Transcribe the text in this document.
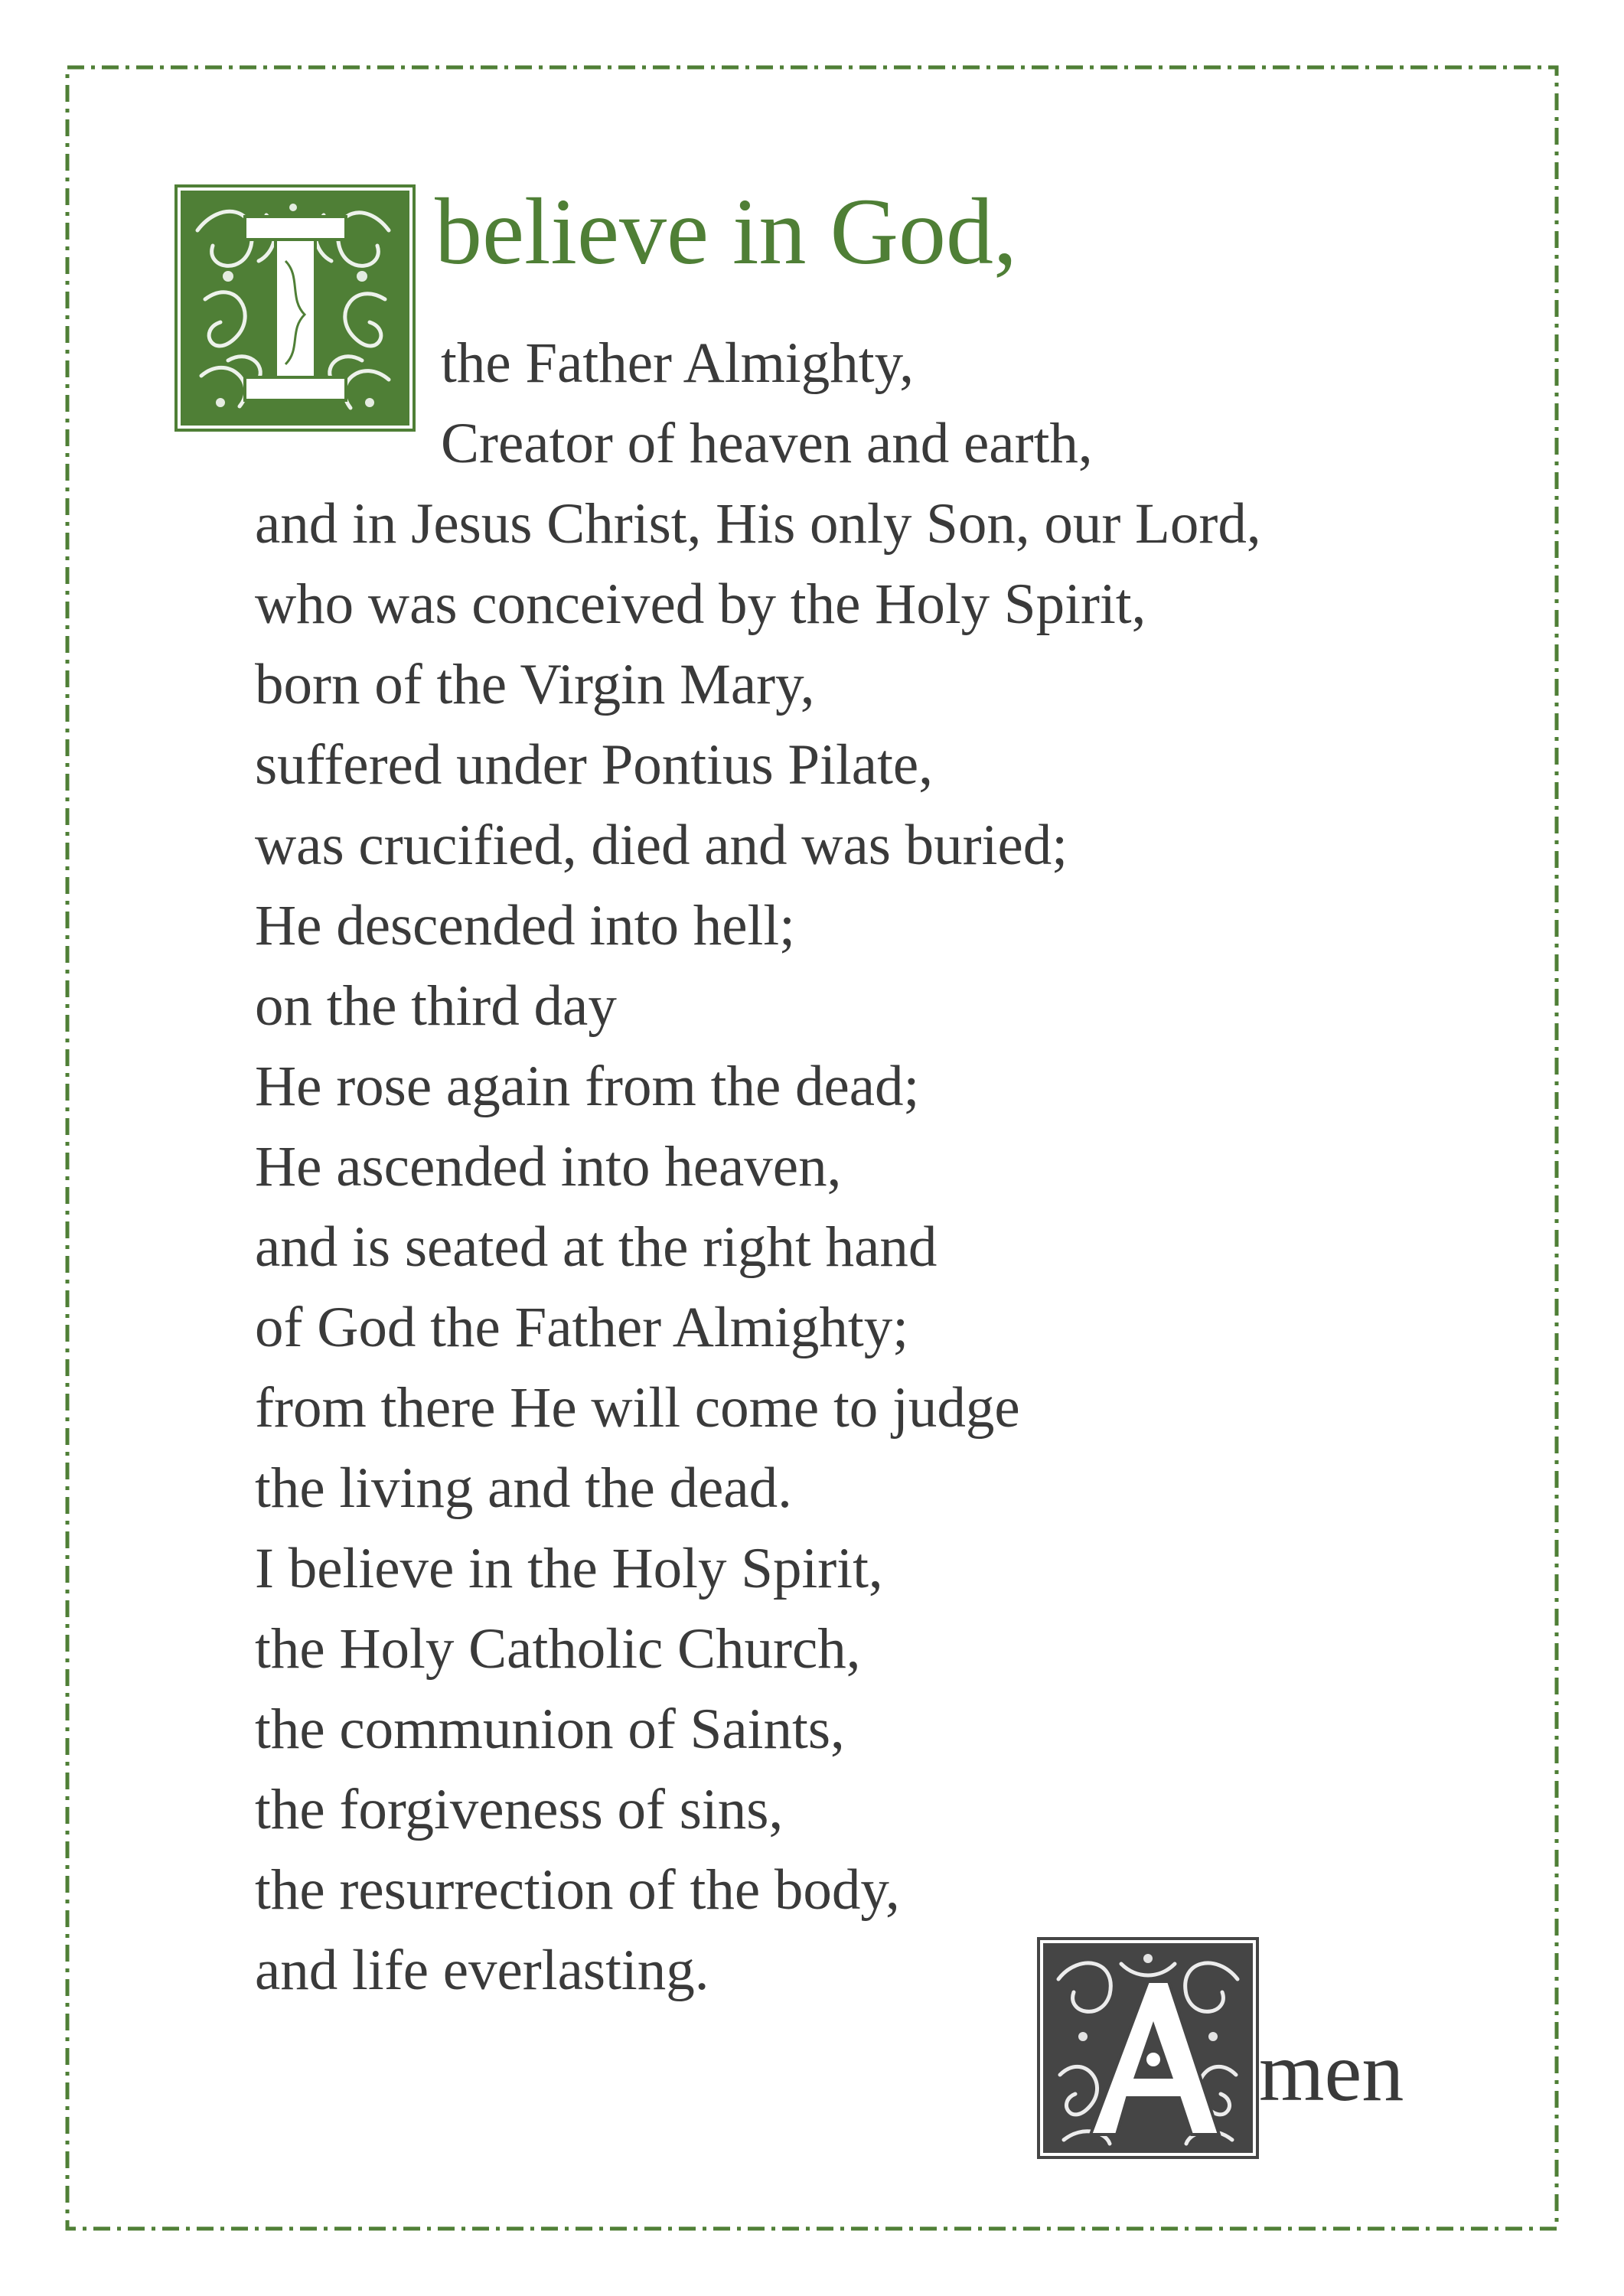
believe in God,
the Father Almighty,
Creator of heaven and earth,
and in Jesus Christ, His only Son, our Lord,
who was conceived by the Holy Spirit,
born of the Virgin Mary,
suffered under Pontius Pilate,
was crucified, died and was buried;
He descended into hell;
on the third day
He rose again from the dead;
He ascended into heaven,
and is seated at the right hand
of God the Father Almighty;
from there He will come to judge
the living and the dead.
I believe in the Holy Spirit,
the Holy Catholic Church,
the communion of Saints,
the forgiveness of sins,
the resurrection of the body,
and life everlasting.
men
